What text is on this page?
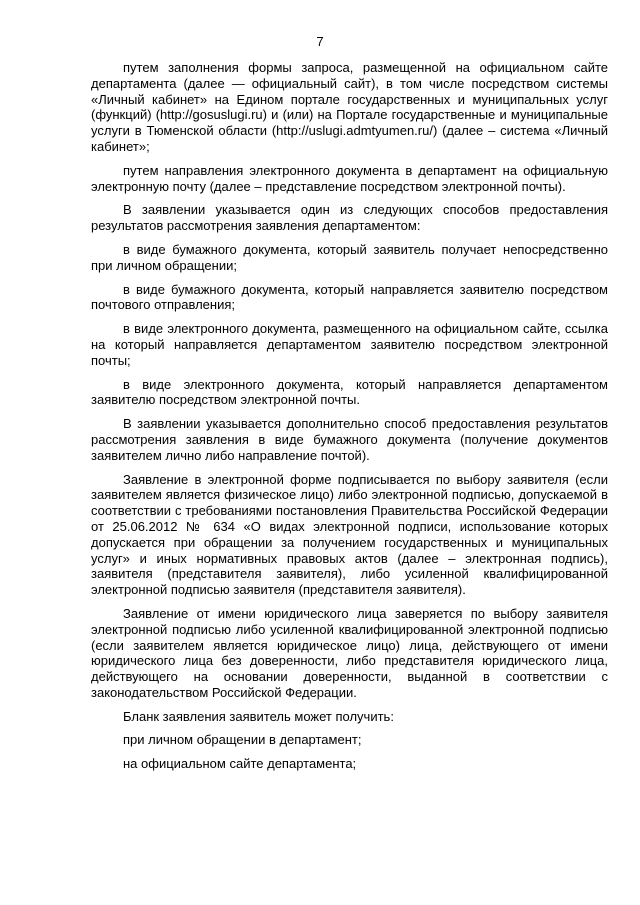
7

путем заполнения формы запроса, размещенной на официальном сайте департамента (далее — официальный сайт), в том числе посредством системы «Личный кабинет» на Едином портале государственных и муниципальных услуг (функций) (http://gosuslugi.ru) и (или) на Портале государственные и муниципальные услуги в Тюменской области (http://uslugi.admtyumen.ru/) (далее – система «Личный кабинет»;

путем направления электронного документа в департамент на официальную электронную почту (далее – представление посредством электронной почты).

В заявлении указывается один из следующих способов предоставления результатов рассмотрения заявления департаментом:

в виде бумажного документа, который заявитель получает непосредственно при личном обращении;

в виде бумажного документа, который направляется заявителю посредством почтового отправления;

в виде электронного документа, размещенного на официальном сайте, ссылка на который направляется департаментом заявителю посредством электронной почты;

в виде электронного документа, который направляется департаментом заявителю посредством электронной почты.

В заявлении указывается дополнительно способ предоставления результатов рассмотрения заявления в виде бумажного документа (получение документов заявителем лично либо направление почтой).

Заявление в электронной форме подписывается по выбору заявителя (если заявителем является физическое лицо) либо электронной подписью, допускаемой в соответствии с требованиями постановления Правительства Российской Федерации от 25.06.2012 № 634 «О видах электронной подписи, использование которых допускается при обращении за получением государственных и муниципальных услуг» и иных нормативных правовых актов (далее – электронная подпись), заявителя (представителя заявителя), либо усиленной квалифицированной электронной подписью заявителя (представителя заявителя).

Заявление от имени юридического лица заверяется по выбору заявителя электронной подписью либо усиленной квалифицированной электронной подписью (если заявителем является юридическое лицо) лица, действующего от имени юридического лица без доверенности, либо представителя юридического лица, действующего на основании доверенности, выданной в соответствии с законодательством Российской Федерации.

Бланк заявления заявитель может получить:

при личном обращении в департамент;

на официальном сайте департамента;
